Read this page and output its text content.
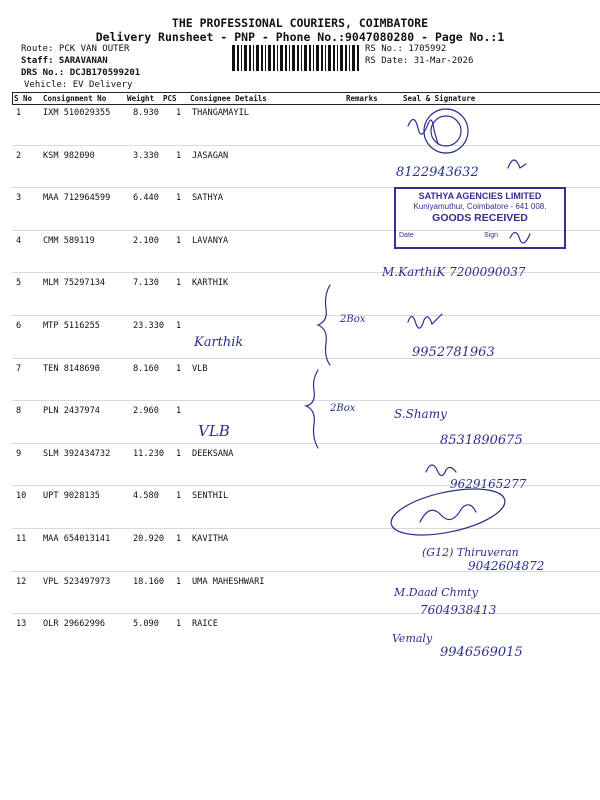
THE PROFESSIONAL COURIERS, COIMBATORE
Delivery Runsheet - PNP - Phone No.:9047080280 - Page No.:1
Route: PCK VAN OUTER
Staff: SARAVANAN
DRS No.: DCJB170599201
Vehicle: EV Delivery
RS No.: 1705992
RS Date: 31-Mar-2026
S No Consignment No	Weight PCS Consignee Details	Remarks	Seal & Signature
1	IXM 510029355	8.930 1 THANGAMAYIL
2	KSM 982090	3.330 1 JASAGAN
3	MAA 712964599	6.440 1 SATHYA
4	CMM 589119	2.100 1 LAVANYA
5	MLM 75297134	7.130 1 KARTHIK
6	MTP 5116255	23.330 1
7	TEN 8148690	8.160 1 VLB
8	PLN 2437974	2.960 1
9	SLM 392434732	11.230 1 DEEKSANA
10 UPT 9028135	4.580 1 SENTHIL
11 MAA 654013141	20.920 1 KAVITHA
12 VPL 523497973	18.160 1 UMA MAHESHWARI
13 OLR 29662996	5.090 1 RAICE
SATHYA AGENCIES LIMITED
Kuniyamuthur, Coimbatore - 641 008.
GOODS RECEIVED
Date	Sign
8122943632
M.KarthiK 7200090037
Karthik
9952781963
2Box
2Box
VLB
S.Shamy
8531890675
9629165277
(G12) Thiruveran
9042604872
M.Daad Chmty
7604938413
Vemaly
9946569015
